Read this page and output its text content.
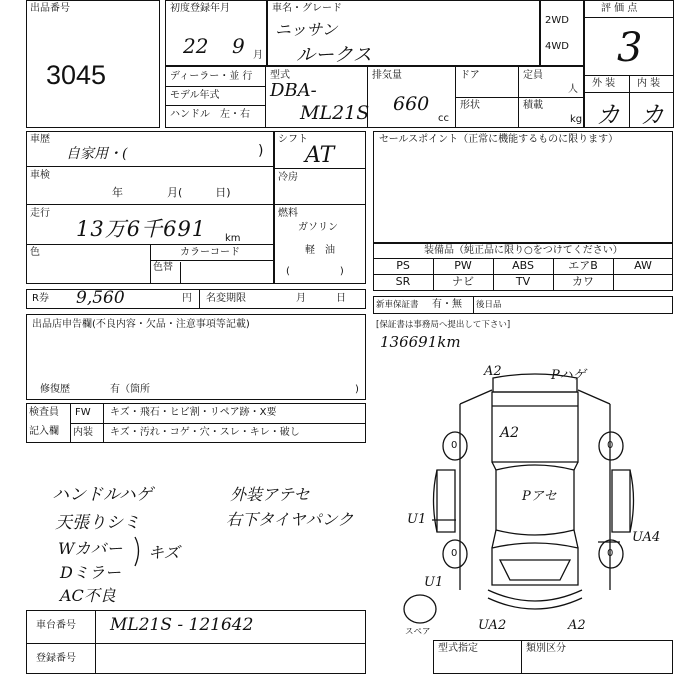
出品番号
3045
初度登録年月
22 9 月
車名・グレード
ニッサン
ルークス
2WD
4WD
評 価 点
3
外 装 内 装
カ カ
ディーラー・並 行
モデル年式
ハンドル　左・右
型式
DBA-
ML21S
排気量
660
cc
ドア
形状
定員
人
積載
kg
車歴
自家用・(	)
車検
年　　　　月(　　　日)
走行
13万6千691 km
色
色替
カラーコード
シフト
AT
冷房
燃料
ガソリン
軽　油
(　　　　　)
セールスポイント（正常に機能するものに限ります）
装備品（純正品に限り○をつけてください）
PS	PW	ABS	エアB	AW
SR	ナビ	TV	カワ
R券 9,560	円 名変期限	月　　　日
新車保証書 有・無 後日品
[保証書は事務局へ提出して下さい]
136691km
出品店申告欄(不良内容・欠品・注意事項等記載)
修復歴	有（箇所	)
検査員
記入欄
FW キズ・飛石・ヒビ割・リペア跡・X要
内装 キズ・汚れ・コゲ・穴・スレ・キレ・破し
ハンドルハゲ
天張りシミ
Wカバー キズ
Dミラー
AC不良
外装アテセ
右下タイヤパンク
0	0
0	0
A2	Pハゲ
A2
Pアセ
U1
U1
UA4
UA2	A2
スペア
車台番号 ML21S - 121642
登録番号
型式指定	類別区分
